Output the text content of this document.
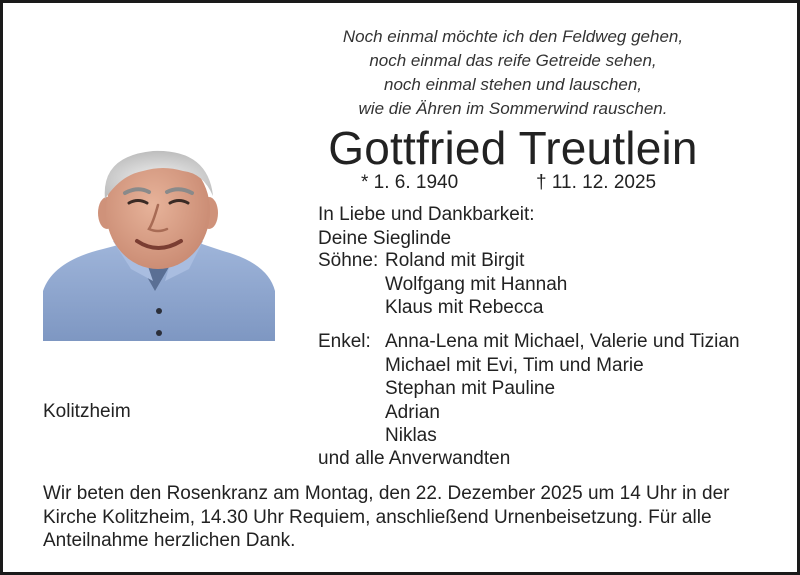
Noch einmal möchte ich den Feldweg gehen,
noch einmal das reife Getreide sehen,
noch einmal stehen und lauschen,
wie die Ähren im Sommerwind rauschen.
Gottfried Treutlein
* 1. 6. 1940	† 11. 12. 2025
In Liebe und Dankbarkeit:
Deine Sieglinde
Söhne: Roland mit Birgit
Wolfgang mit Hannah
Klaus mit Rebecca
Enkel: Anna-Lena mit Michael, Valerie und Tizian
Michael mit Evi, Tim und Marie
Stephan mit Pauline
Adrian
Niklas
und alle Anverwandten
Kolitzheim
Wir beten den Rosenkranz am Montag, den 22. Dezember 2025 um 14 Uhr in der Kirche Kolitzheim, 14.30 Uhr Requiem, anschließend Urnenbeisetzung. Für alle Anteilnahme herzlichen Dank.
